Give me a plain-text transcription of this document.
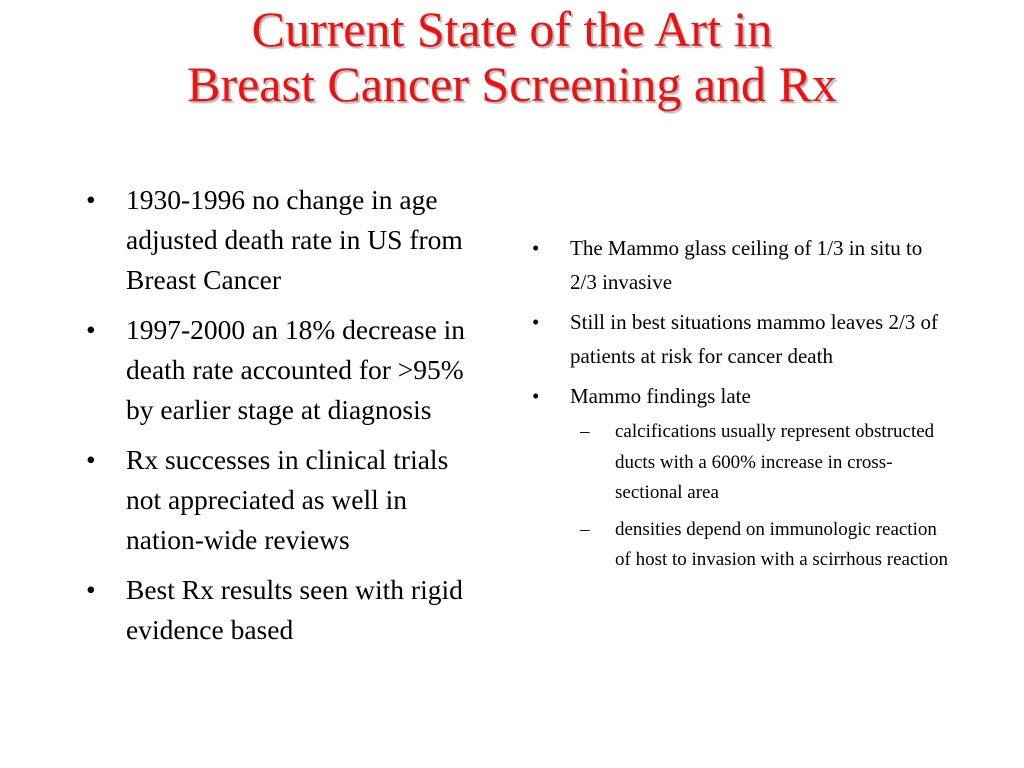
Current State of the Art in
Breast Cancer Screening and Rx
• 1930-1996 no change in age adjusted death rate in US from Breast Cancer
• 1997-2000 an 18% decrease in death rate accounted for >95% by earlier stage at diagnosis
• Rx successes in clinical trials not appreciated as well in nation-wide reviews
• Best Rx results seen with rigid evidence based
• The Mammo glass ceiling of 1/3 in situ to 2/3 invasive
• Still in best situations mammo leaves 2/3 of patients at risk for cancer death
• Mammo findings late
– calcifications usually represent obstructed ducts with a 600% increase in cross-sectional area
– densities depend on immunologic reaction of host to invasion with a scirrhous reaction
